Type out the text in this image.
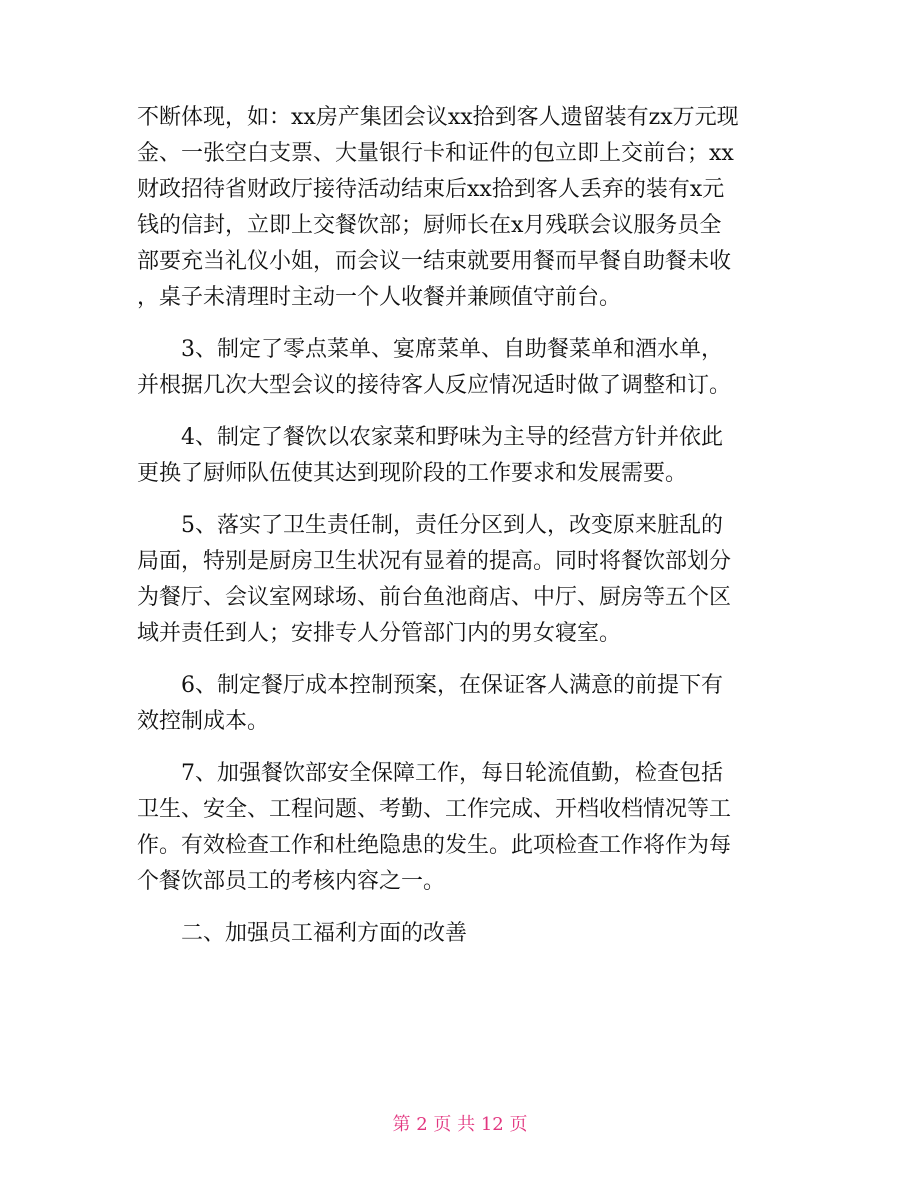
不断体现，如：xx房产集团会议xx拾到客人遗留装有zx万元现
金、一张空白支票、大量银行卡和证件的包立即上交前台；xx
财政招待省财政厅接待活动结束后xx拾到客人丢弃的装有x元
钱的信封，立即上交餐饮部；厨师长在x月残联会议服务员全
部要充当礼仪小姐，而会议一结束就要用餐而早餐自助餐未收
，桌子未清理时主动一个人收餐并兼顾值守前台。
3、制定了零点菜单、宴席菜单、自助餐菜单和酒水单，
并根据几次大型会议的接待客人反应情况适时做了调整和订。
4、制定了餐饮以农家菜和野味为主导的经营方针并依此
更换了厨师队伍使其达到现阶段的工作要求和发展需要。
5、落实了卫生责任制，责任分区到人，改变原来脏乱的
局面，特别是厨房卫生状况有显着的提高。同时将餐饮部划分
为餐厅、会议室网球场、前台鱼池商店、中厅、厨房等五个区
域并责任到人；安排专人分管部门内的男女寝室。
6、制定餐厅成本控制预案，在保证客人满意的前提下有
效控制成本。
7、加强餐饮部安全保障工作，每日轮流值勤，检查包括
卫生、安全、工程问题、考勤、工作完成、开档收档情况等工
作。有效检查工作和杜绝隐患的发生。此项检查工作将作为每
个餐饮部员工的考核内容之一。
二、加强员工福利方面的改善
第 2 页 共 12 页
